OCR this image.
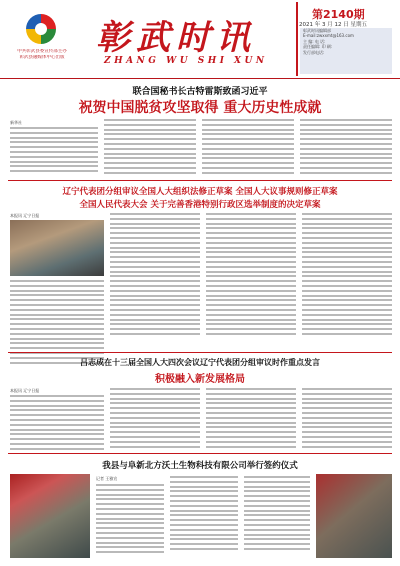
中共彰武县委宣传部主办
彰武县融媒体中心出版 彰武时讯
ZHANG WU SHI XUN
第2140期
2021 年 3 月 12 日 星期五
彰武时讯编辑部
E-mail:zwxxmt@163.com
主 编: 电 话:
责任编辑: 印 刷:
发行部电话:
联合国秘书长古特雷斯致函习近平
祝贺中国脱贫攻坚取得 重大历史性成就
新华社
辽宁代表团分组审议全国人大组织法修正草案 全国人大议事规则修正草案
全国人民代表大会 关于完善香港特别行政区选举制度的决定草案
本报讯 辽宁日报
吕志成在十三届全国人大四次会议辽宁代表团分组审议时作重点发言
积极融入新发展格局
本报讯 辽宁日报
我县与阜新北方沃土生物科技有限公司举行签约仪式
记者 王雅宣
